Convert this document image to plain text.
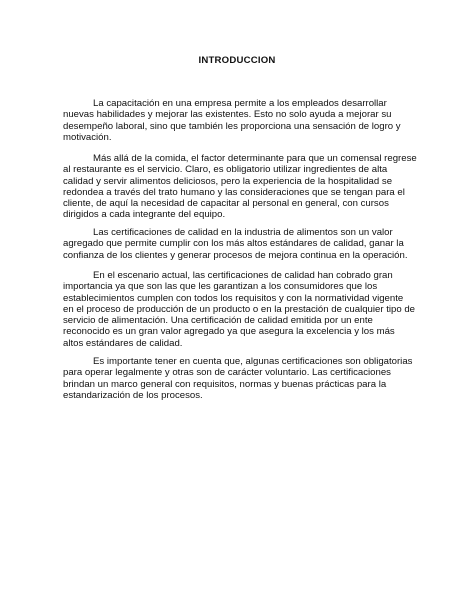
INTRODUCCION
La capacitación en una empresa permite a los empleados desarrollar
nuevas habilidades y mejorar las existentes. Esto no solo ayuda a mejorar su
desempeño laboral, sino que también les proporciona una sensación de logro y
motivación.
Más allá de la comida, el factor determinante para que un comensal regrese
al restaurante es el servicio. Claro, es obligatorio utilizar ingredientes de alta
calidad y servir alimentos deliciosos, pero la experiencia de la hospitalidad se
redondea a través del trato humano y las consideraciones que se tengan para el
cliente, de aquí la necesidad de capacitar al personal en general, con cursos
dirigidos a cada integrante del equipo.
Las certificaciones de calidad en la industria de alimentos son un valor
agregado que permite cumplir con los más altos estándares de calidad, ganar la
confianza de los clientes y generar procesos de mejora continua en la operación.
En el escenario actual, las certificaciones de calidad han cobrado gran
importancia ya que son las que les garantizan a los consumidores que los
establecimientos cumplen con todos los requisitos y con la normatividad vigente
en el proceso de producción de un producto o en la prestación de cualquier tipo de
servicio de alimentación. Una certificación de calidad emitida por un ente
reconocido es un gran valor agregado ya que asegura la excelencia y los más
altos estándares de calidad.
Es importante tener en cuenta que, algunas certificaciones son obligatorias
para operar legalmente y otras son de carácter voluntario. Las certificaciones
brindan un marco general con requisitos, normas y buenas prácticas para la
estandarización de los procesos.
